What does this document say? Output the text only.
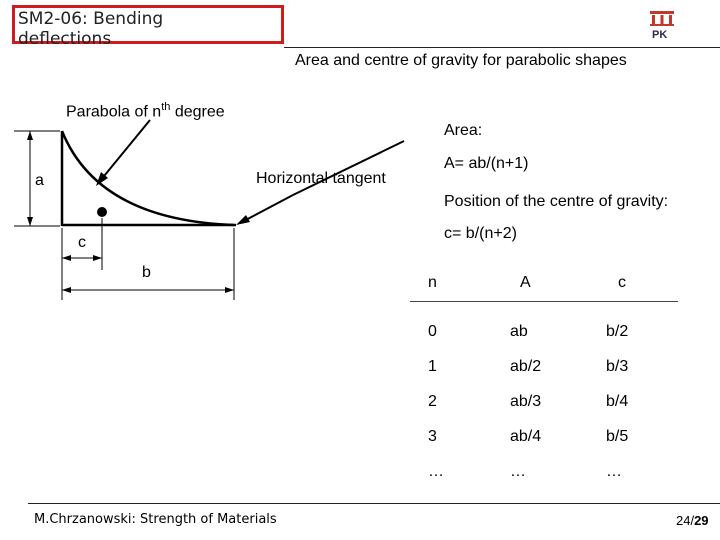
SM2-06: Bending deflections	PK
Area and centre of gravity for parabolic shapes
Parabola of $n^{th}$ degree
Horizontal tangent
a
c
b
Area:
A= ab/(n+1)
Position of the centre of gravity:
c= b/(n+2)
n	A	c
0	ab	b/2
1	ab/2	b/3
2	ab/3	b/4
3	ab/4	b/5
…	…	…
M.Chrzanowski: Strength of Materials	24/29
